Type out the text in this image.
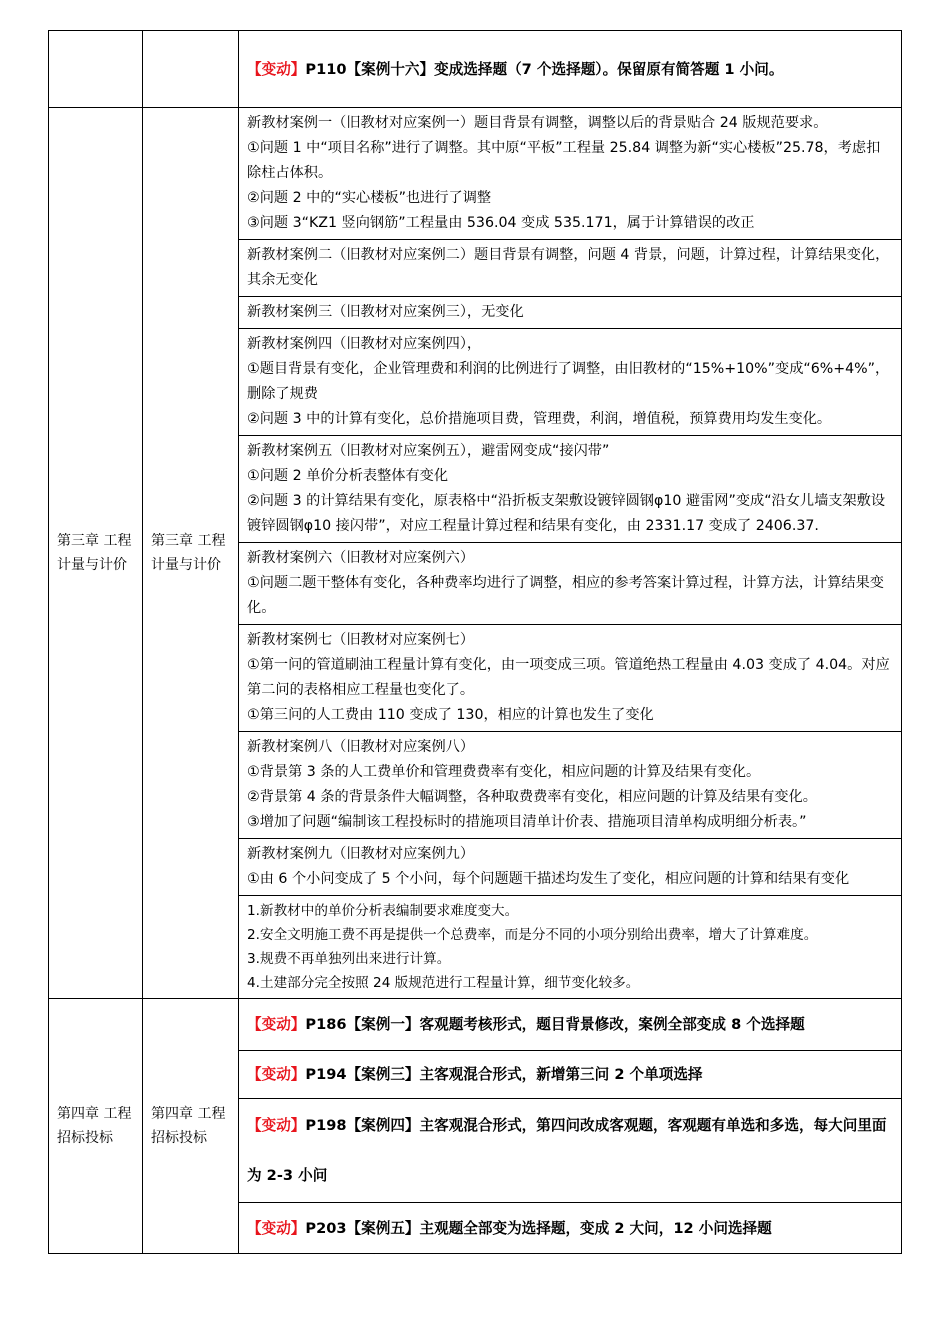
		【变动】P110【案例十六】变成选择题（7 个选择题）。保留原有简答题 1 小问。
第三章 工程计量与计价	第三章 工程计量与计价	新教材案例一（旧教材对应案例一）题目背景有调整，调整以后的背景贴合 24 版规范要求。

①问题 1 中“项目名称”进行了调整。其中原“平板”工程量 25.84 调整为新“实心楼板”25.78，考虑扣除柱占体积。

②问题 2 中的“实心楼板”也进行了调整

③问题 3“KZ1 竖向钢筋”工程量由 536.04 变成 535.171，属于计算错误的改正

		新教材案例二（旧教材对应案例二）题目背景有调整，问题 4 背景，问题，计算过程，计算结果变化，其余无变化

		新教材案例三（旧教材对应案例三），无变化

		新教材案例四（旧教材对应案例四），

①题目背景有变化，企业管理费和利润的比例进行了调整，由旧教材的“15%+10%”变成“6%+4%”，删除了规费

②问题 3 中的计算有变化，总价措施项目费，管理费，利润，增值税，预算费用均发生变化。

		新教材案例五（旧教材对应案例五），避雷网变成“接闪带”

①问题 2 单价分析表整体有变化

②问题 3 的计算结果有变化，原表格中“沿折板支架敷设镀锌圆钢φ10 避雷网”变成“沿女儿墙支架敷设镀锌圆钢φ10 接闪带”，对应工程量计算过程和结果有变化，由 2331.17 变成了 2406.37.

		新教材案例六（旧教材对应案例六）

①问题二题干整体有变化，各种费率均进行了调整，相应的参考答案计算过程，计算方法，计算结果变化。

		新教材案例七（旧教材对应案例七）

①第一问的管道刷油工程量计算有变化，由一项变成三项。管道绝热工程量由 4.03 变成了 4.04。对应第二问的表格相应工程量也变化了。

①第三问的人工费由 110 变成了 130，相应的计算也发生了变化

		新教材案例八（旧教材对应案例八）

①背景第 3 条的人工费单价和管理费费率有变化，相应问题的计算及结果有变化。

②背景第 4 条的背景条件大幅调整，各种取费费率有变化，相应问题的计算及结果有变化。

③增加了问题“编制该工程投标时的措施项目清单计价表、措施项目清单构成明细分析表。”

		新教材案例九（旧教材对应案例九）

①由 6 个小问变成了 5 个小问，每个问题题干描述均发生了变化，相应问题的计算和结果有变化

		1.新教材中的单价分析表编制要求难度变大。

2.安全文明施工费不再是提供一个总费率，而是分不同的小项分别给出费率，增大了计算难度。

3.规费不再单独列出来进行计算。

4.土建部分完全按照 24 版规范进行工程量计算，细节变化较多。

第四章 工程招标投标	第四章 工程招标投标	【变动】P186【案例一】客观题考核形式，题目背景修改，案例全部变成 8 个选择题
		【变动】P194【案例三】主客观混合形式，新增第三问 2 个单项选择
		【变动】P198【案例四】主客观混合形式，第四问改成客观题，客观题有单选和多选，每大问里面为 2-3 小问
		【变动】P203【案例五】主观题全部变为选择题，变成 2 大问，12 小问选择题
